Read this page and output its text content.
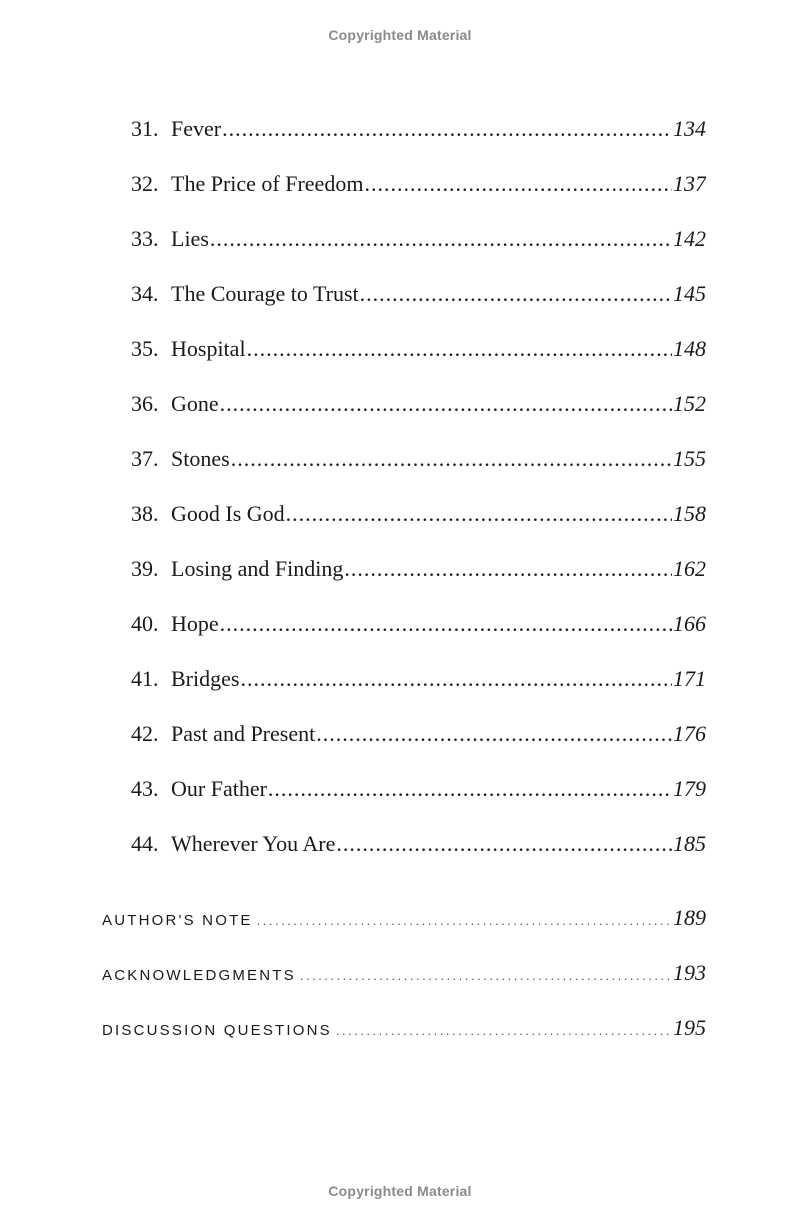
Copyrighted Material
31. Fever .....	134
32. The Price of Freedom .....	137
33. Lies .....	142
34. The Courage to Trust .....	145
35. Hospital .....	148
36. Gone .....	152
37. Stones .....	155
38. Good Is God .....	158
39. Losing and Finding .....	162
40. Hope .....	166
41. Bridges .....	171
42. Past and Present .....	176
43. Our Father .....	179
44. Wherever You Are .....	185
AUTHOR'S NOTE .....	189
ACKNOWLEDGMENTS .....	193
DISCUSSION QUESTIONS .....	195
Copyrighted Material
